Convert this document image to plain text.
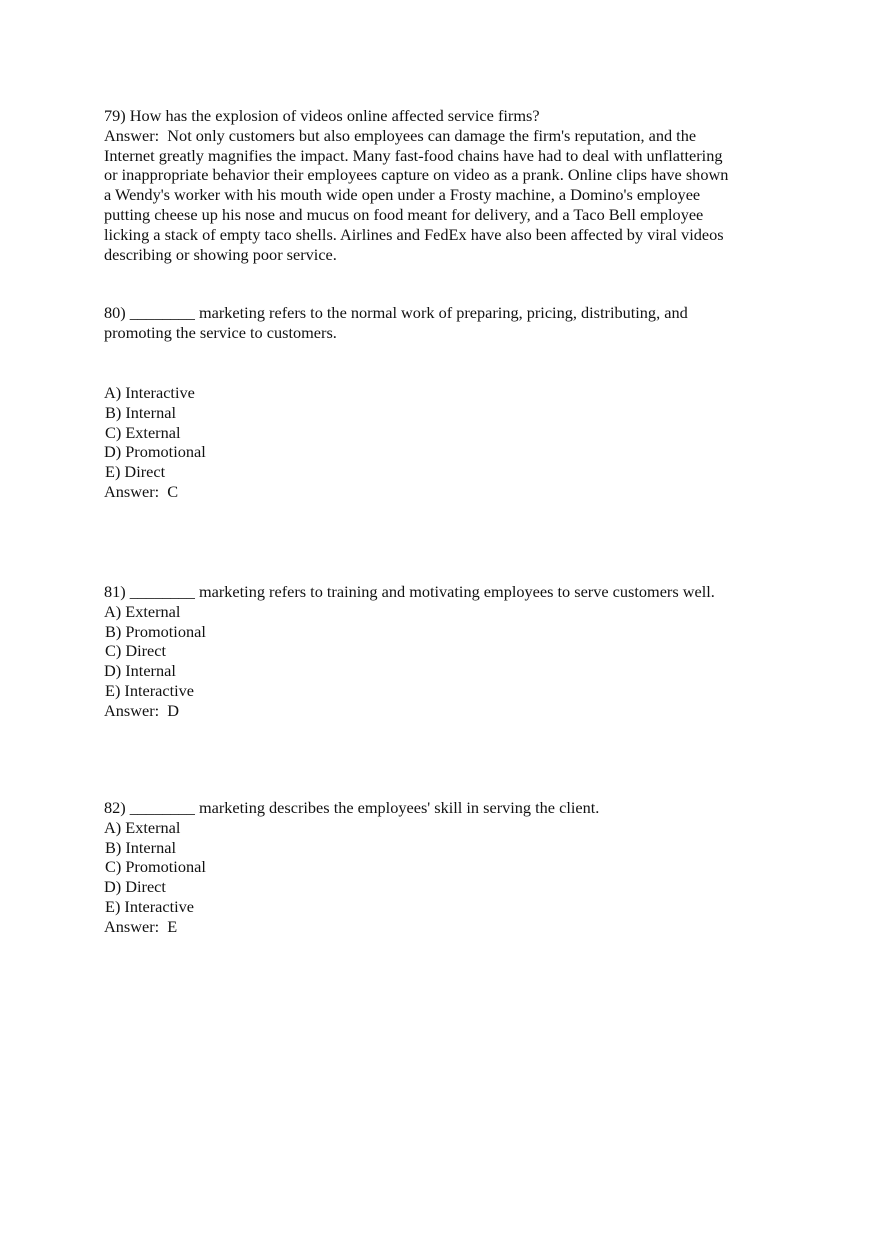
79) How has the explosion of videos online affected service firms?
Answer:  Not only customers but also employees can damage the firm's reputation, and the
Internet greatly magnifies the impact. Many fast-food chains have had to deal with unflattering
or inappropriate behavior their employees capture on video as a prank. Online clips have shown
a Wendy's worker with his mouth wide open under a Frosty machine, a Domino's employee
putting cheese up his nose and mucus on food meant for delivery, and a Taco Bell employee
licking a stack of empty taco shells. Airlines and FedEx have also been affected by viral videos
describing or showing poor service.
80) ________ marketing refers to the normal work of preparing, pricing, distributing, and
promoting the service to customers.
A) Interactive
B) Internal
C) External
D) Promotional
E) Direct
Answer:  C
81) ________ marketing refers to training and motivating employees to serve customers well.
A) External
B) Promotional
C) Direct
D) Internal
E) Interactive
Answer:  D
82) ________ marketing describes the employees' skill in serving the client.
A) External
B) Internal
C) Promotional
D) Direct
E) Interactive
Answer:  E
